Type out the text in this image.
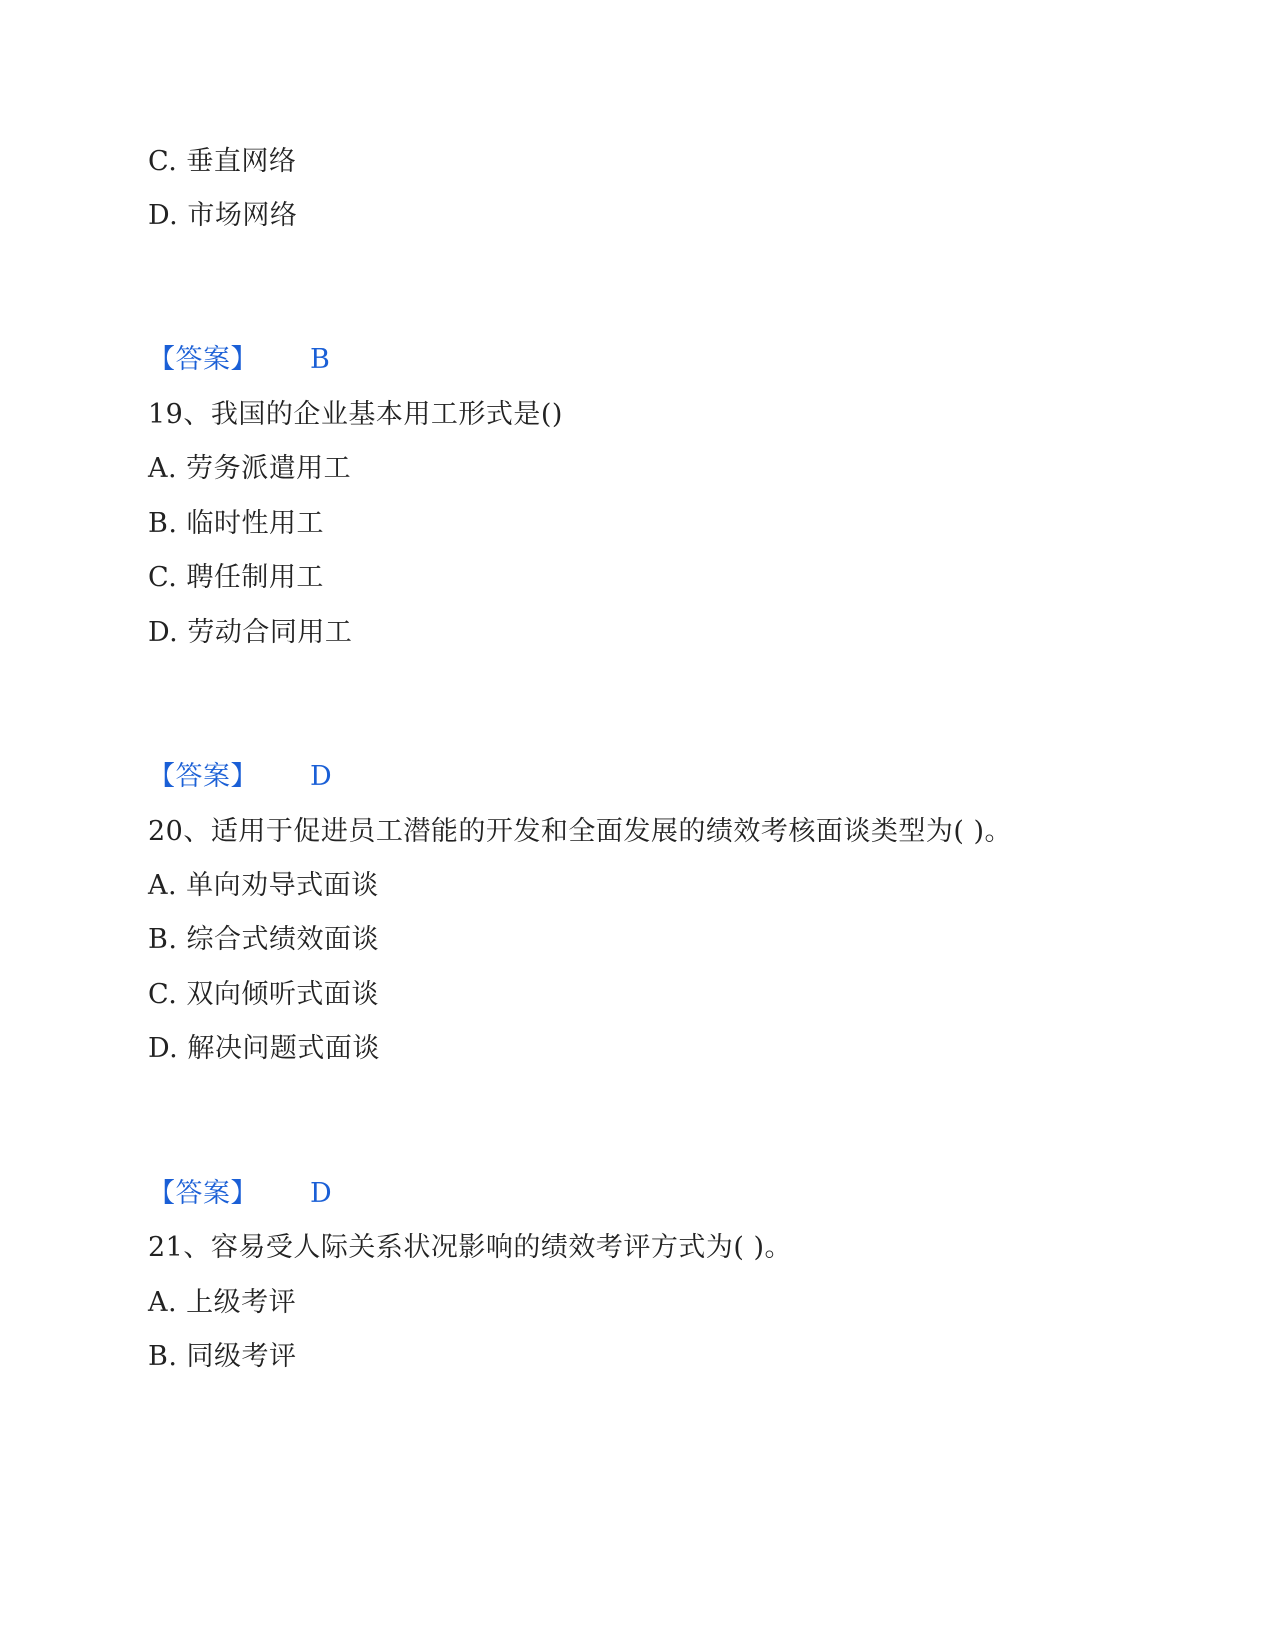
C. 垂直网络
D. 市场网络
【答案】 B
19、我国的企业基本用工形式是()
A. 劳务派遣用工
B. 临时性用工
C. 聘任制用工
D. 劳动合同用工
【答案】 D
20、适用于促进员工潜能的开发和全面发展的绩效考核面谈类型为( )。
A. 单向劝导式面谈
B. 综合式绩效面谈
C. 双向倾听式面谈
D. 解决问题式面谈
【答案】 D
21、容易受人际关系状况影响的绩效考评方式为( )。
A. 上级考评
B. 同级考评
